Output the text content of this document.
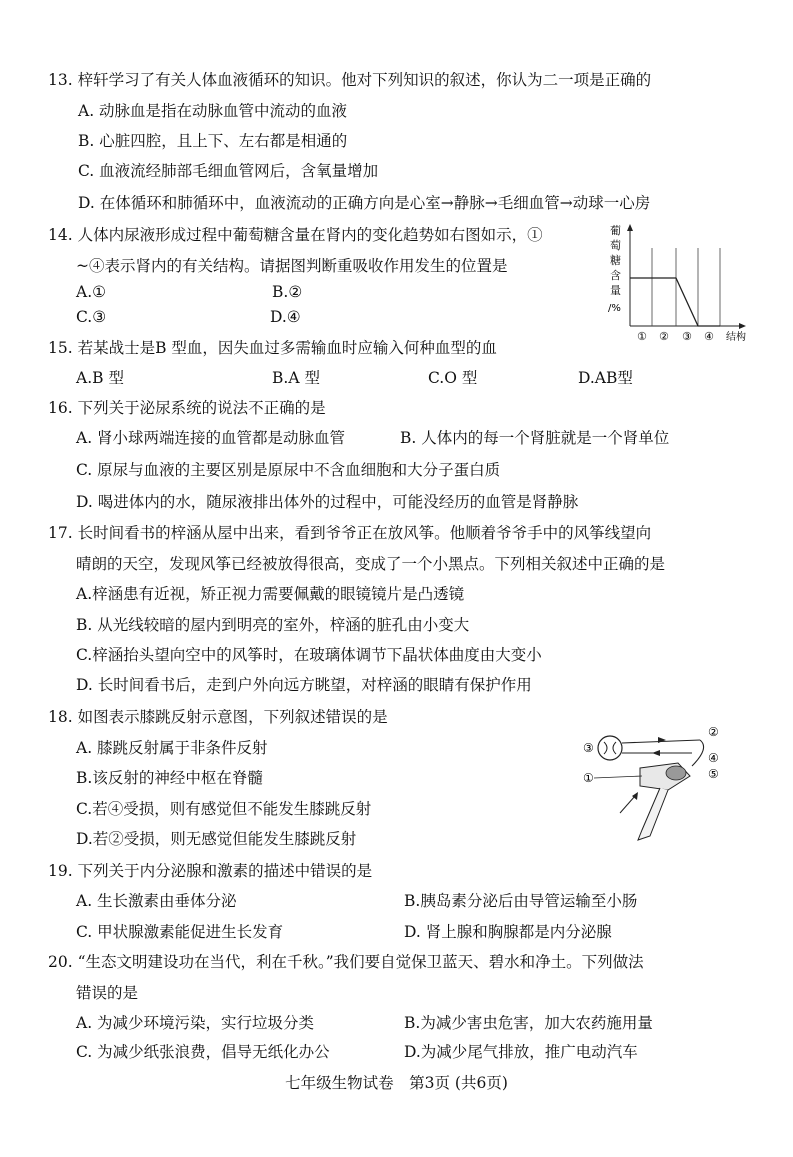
13. 梓轩学习了有关人体血液循环的知识。他对下列知识的叙述，你认为二一项是正确的
A. 动脉血是指在动脉血管中流动的血液
B. 心脏四腔，且上下、左右都是相通的
C. 血液流经肺部毛细血管网后，含氧量增加
D. 在体循环和肺循环中，血液流动的正确方向是心室→静脉→毛细血管→动球一心房
14. 人体内尿液形成过程中葡萄糖含量在肾内的变化趋势如右图如示，①
~④表示肾内的有关结构。请据图判断重吸收作用发生的位置是
A.①	B.②
C.③	D.④
葡
萄
糖
含
量
/%
① ② ③ ④ 结构
15. 若某战士是B 型血，因失血过多需输血时应输入何种血型的血
A.B 型	B.A 型	C.O 型	D.AB型
16. 下列关于泌尿系统的说法不正确的是
A. 肾小球两端连接的血管都是动脉血管	B. 人体内的每一个肾脏就是一个肾单位
C. 原尿与血液的主要区别是原尿中不含血细胞和大分子蛋白质
D. 喝进体内的水，随尿液排出体外的过程中，可能没经历的血管是肾静脉
17. 长时间看书的梓涵从屋中出来，看到爷爷正在放风筝。他顺着爷爷手中的风筝线望向
晴朗的天空，发现风筝已经被放得很高，变成了一个小黑点。下列相关叙述中正确的是
A.梓涵患有近视，矫正视力需要佩戴的眼镜镜片是凸透镜
B. 从光线较暗的屋内到明亮的室外，梓涵的脏孔由小变大
C.梓涵抬头望向空中的风筝时，在玻璃体调节下晶状体曲度由大变小
D. 长时间看书后，走到户外向远方眺望，对梓涵的眼睛有保护作用
18. 如图表示膝跳反射示意图，下列叙述错误的是
A. 膝跳反射属于非条件反射
B.该反射的神经中枢在脊髓
C.若④受损，则有感觉但不能发生膝跳反射
D.若②受损，则无感觉但能发生膝跳反射
③
①
②
④
⑤
19. 下列关于内分泌腺和激素的描述中错误的是
A. 生长激素由垂体分泌	B.胰岛素分泌后由导管运输至小肠
C. 甲状腺激素能促进生长发育	D. 肾上腺和胸腺都是内分泌腺
20. “生态文明建设功在当代，利在千秋。”我们要自觉保卫蓝天、碧水和净土。下列做法
错误的是
A. 为减少环境污染，实行垃圾分类	B.为减少害虫危害，加大农药施用量
C. 为减少纸张浪费，倡导无纸化办公	D.为减少尾气排放，推广电动汽车
七年级生物试卷　第3页 (共6页)
